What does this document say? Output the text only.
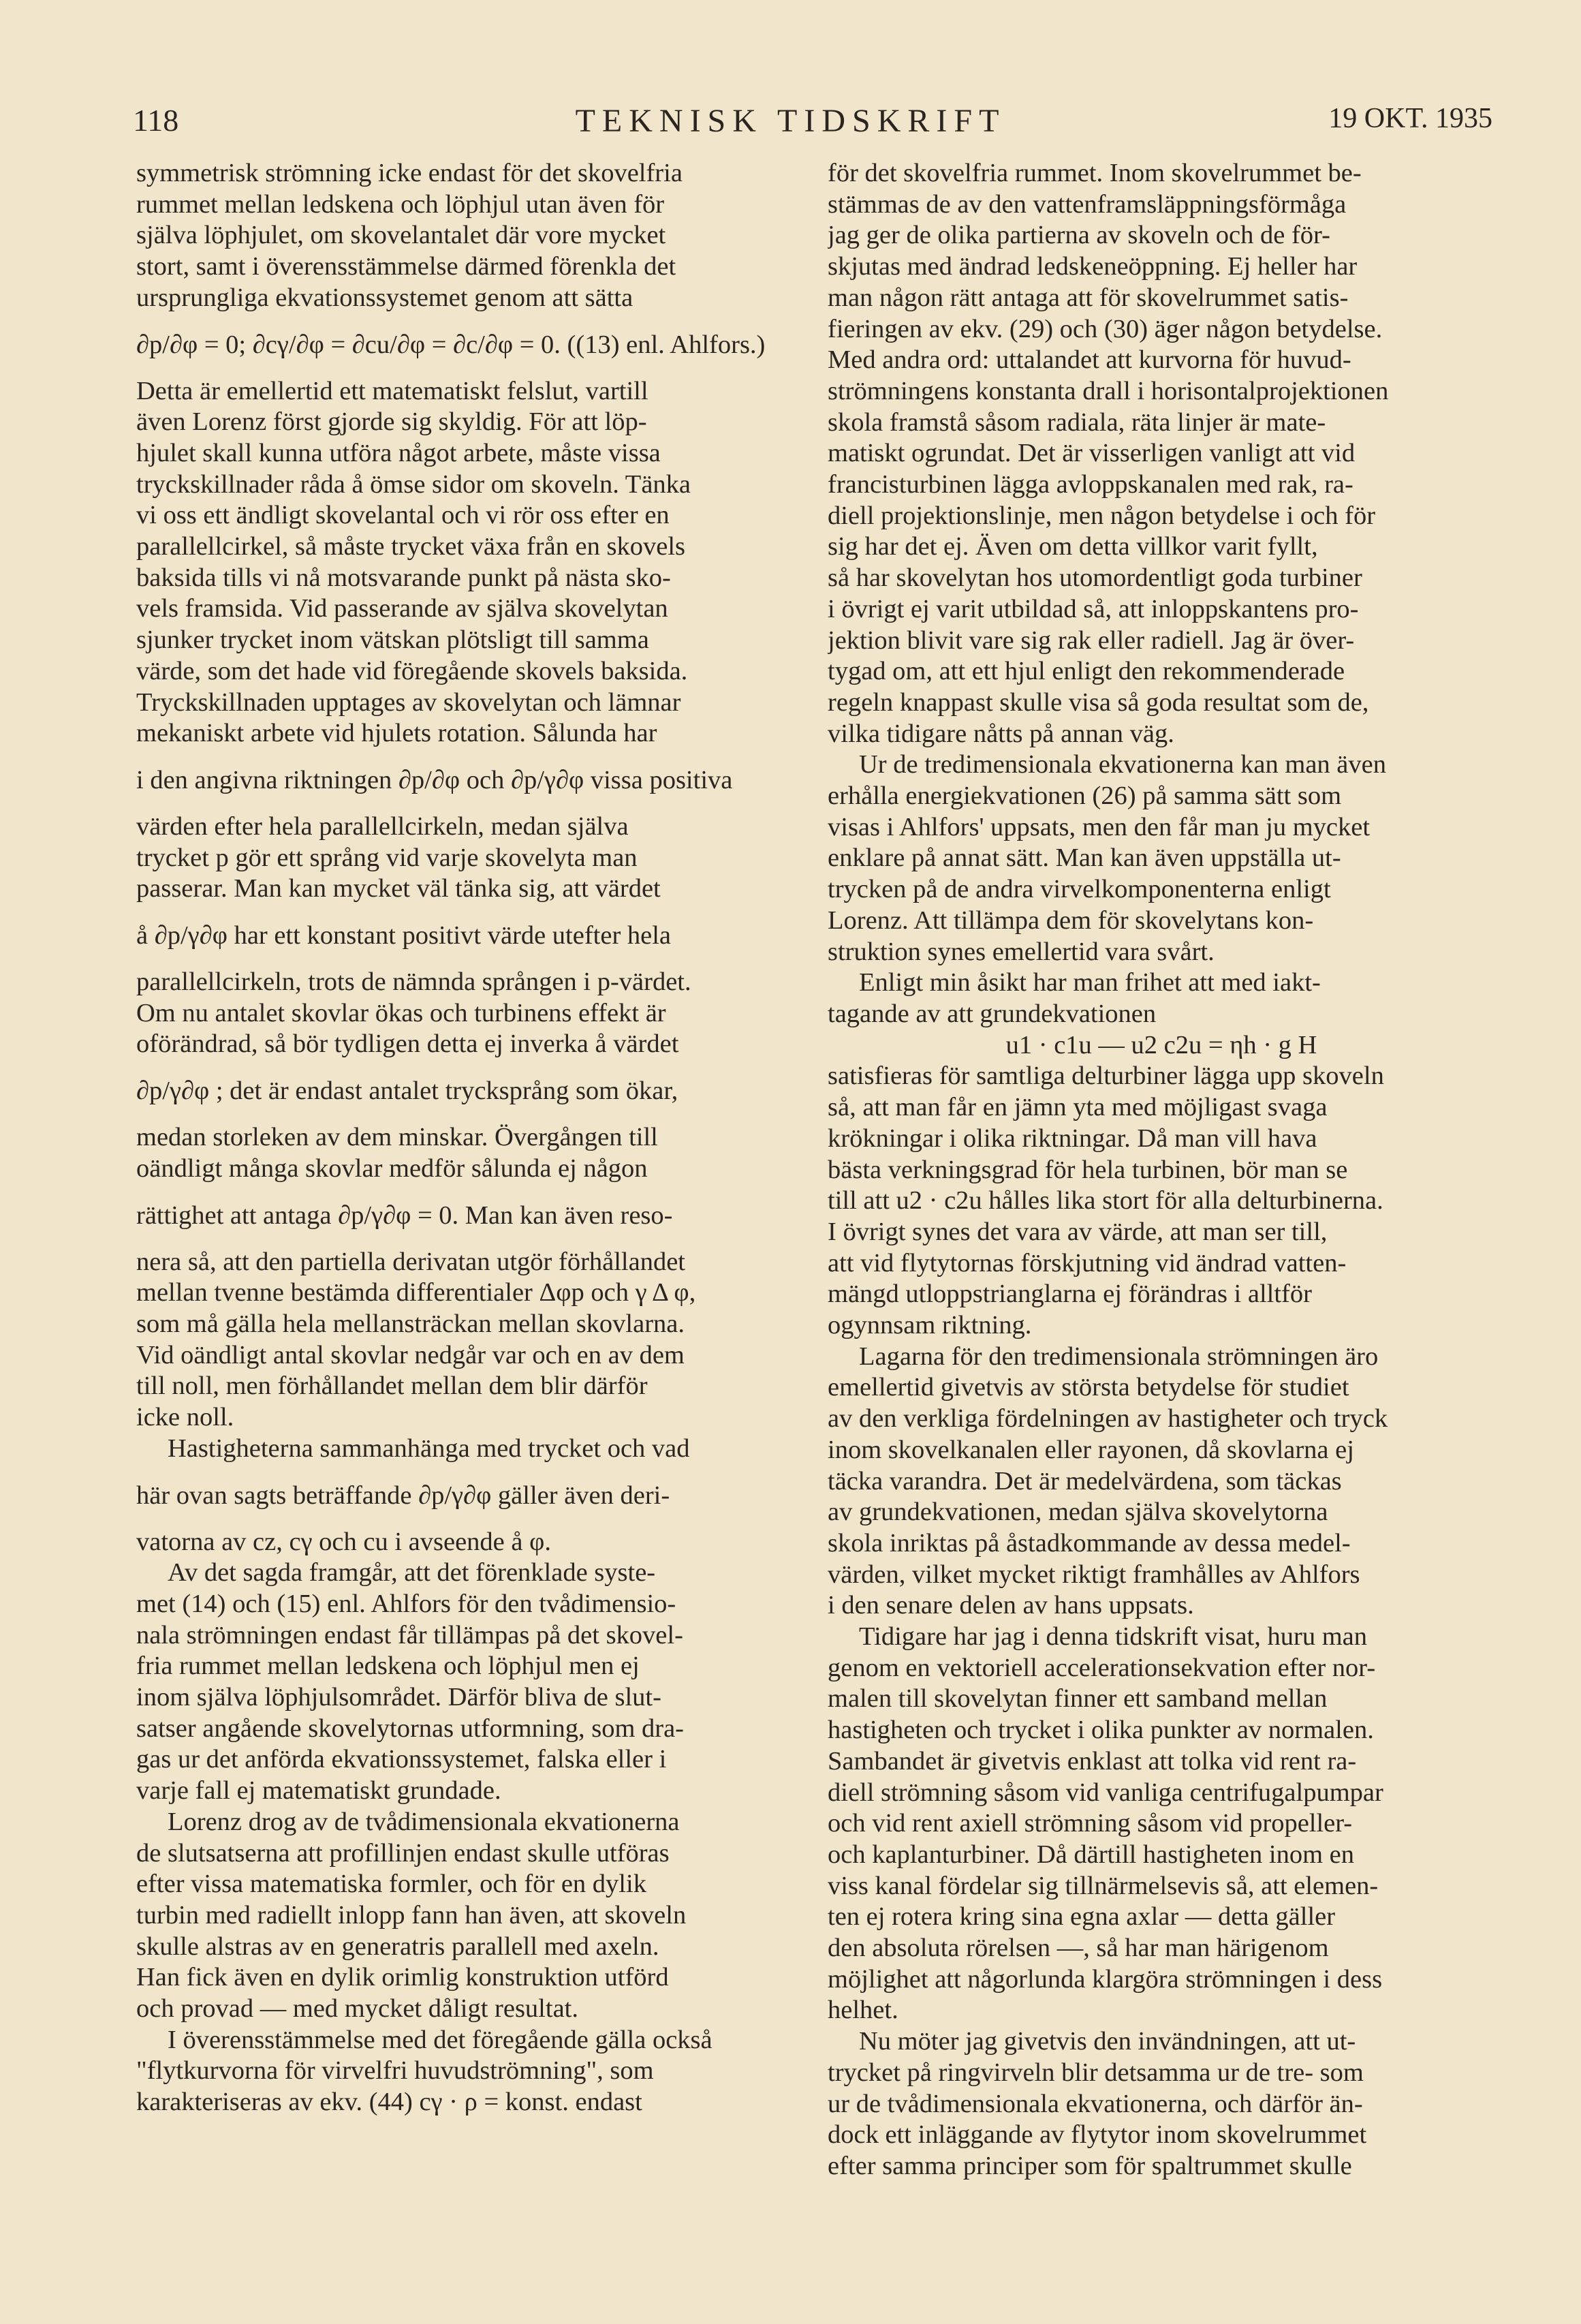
118	TEKNISK TIDSKRIFT	19 OKT. 1935
symmetrisk strömning icke endast för det skovelfria
rummet mellan ledskena och löphjul utan även för
själva löphjulet, om skovelantalet där vore mycket
stort, samt i överensstämmelse därmed förenkla det
ursprungliga ekvationssystemet genom att sätta
∂p/∂φ = 0; ∂cγ/∂φ = ∂cu/∂φ = ∂c/∂φ = 0. ((13) enl. Ahlfors.)
Detta är emellertid ett matematiskt felslut, vartill
även Lorenz först gjorde sig skyldig. För att löp-
hjulet skall kunna utföra något arbete, måste vissa
tryckskillnader råda å ömse sidor om skoveln. Tänka
vi oss ett ändligt skovelantal och vi rör oss efter en
parallellcirkel, så måste trycket växa från en skovels
baksida tills vi nå motsvarande punkt på nästa sko-
vels framsida. Vid passerande av själva skovelytan
sjunker trycket inom vätskan plötsligt till samma
värde, som det hade vid föregående skovels baksida.
Tryckskillnaden upptages av skovelytan och lämnar
mekaniskt arbete vid hjulets rotation. Sålunda har
i den angivna riktningen ∂p/∂φ och ∂p/γ∂φ vissa positiva
värden efter hela parallellcirkeln, medan själva
trycket p gör ett språng vid varje skovelyta man
passerar. Man kan mycket väl tänka sig, att värdet
å ∂p/γ∂φ har ett konstant positivt värde utefter hela
parallellcirkeln, trots de nämnda sprången i p-värdet.
Om nu antalet skovlar ökas och turbinens effekt är
oförändrad, så bör tydligen detta ej inverka å värdet
∂p/γ∂φ ; det är endast antalet trycksprång som ökar,
medan storleken av dem minskar. Övergången till
oändligt många skovlar medför sålunda ej någon
rättighet att antaga ∂p/γ∂φ = 0. Man kan även reso-
nera så, att den partiella derivatan utgör förhållandet
mellan tvenne bestämda differentialer Δφp och γ Δ φ,
som må gälla hela mellansträckan mellan skovlarna.
Vid oändligt antal skovlar nedgår var och en av dem
till noll, men förhållandet mellan dem blir därför
icke noll.
Hastigheterna sammanhänga med trycket och vad
här ovan sagts beträffande ∂p/γ∂φ gäller även deri-
vatorna av cz, cγ och cu i avseende å φ.
Av det sagda framgår, att det förenklade syste-
met (14) och (15) enl. Ahlfors för den tvådimensio-
nala strömningen endast får tillämpas på det skovel-
fria rummet mellan ledskena och löphjul men ej
inom själva löphjulsområdet. Därför bliva de slut-
satser angående skovelytornas utformning, som dra-
gas ur det anförda ekvationssystemet, falska eller i
varje fall ej matematiskt grundade.
Lorenz drog av de tvådimensionala ekvationerna
de slutsatserna att profillinjen endast skulle utföras
efter vissa matematiska formler, och för en dylik
turbin med radiellt inlopp fann han även, att skoveln
skulle alstras av en generatris parallell med axeln.
Han fick även en dylik orimlig konstruktion utförd
och provad — med mycket dåligt resultat.
I överensstämmelse med det föregående gälla också
"flytkurvorna för virvelfri huvudströmning", som
karakteriseras av ekv. (44) cγ · ρ = konst. endast
för det skovelfria rummet. Inom skovelrummet be-
stämmas de av den vattenframsläppningsförmåga
jag ger de olika partierna av skoveln och de för-
skjutas med ändrad ledskeneöppning. Ej heller har
man någon rätt antaga att för skovelrummet satis-
fieringen av ekv. (29) och (30) äger någon betydelse.
Med andra ord: uttalandet att kurvorna för huvud-
strömningens konstanta drall i horisontalprojektionen
skola framstå såsom radiala, räta linjer är mate-
matiskt ogrundat. Det är visserligen vanligt att vid
francisturbinen lägga avloppskanalen med rak, ra-
diell projektionslinje, men någon betydelse i och för
sig har det ej. Även om detta villkor varit fyllt,
så har skovelytan hos utomordentligt goda turbiner
i övrigt ej varit utbildad så, att inloppskantens pro-
jektion blivit vare sig rak eller radiell. Jag är över-
tygad om, att ett hjul enligt den rekommenderade
regeln knappast skulle visa så goda resultat som de,
vilka tidigare nåtts på annan väg.
Ur de tredimensionala ekvationerna kan man även
erhålla energiekvationen (26) på samma sätt som
visas i Ahlfors' uppsats, men den får man ju mycket
enklare på annat sätt. Man kan även uppställa ut-
trycken på de andra virvelkomponenterna enligt
Lorenz. Att tillämpa dem för skovelytans kon-
struktion synes emellertid vara svårt.
Enligt min åsikt har man frihet att med iakt-
tagande av att grundekvationen
u1 · c1u — u2 c2u = ηh · g H
satisfieras för samtliga delturbiner lägga upp skoveln
så, att man får en jämn yta med möjligast svaga
krökningar i olika riktningar. Då man vill hava
bästa verkningsgrad för hela turbinen, bör man se
till att u2 · c2u hålles lika stort för alla delturbinerna.
I övrigt synes det vara av värde, att man ser till,
att vid flytytornas förskjutning vid ändrad vatten-
mängd utloppstrianglarna ej förändras i alltför
ogynnsam riktning.
Lagarna för den tredimensionala strömningen äro
emellertid givetvis av största betydelse för studiet
av den verkliga fördelningen av hastigheter och tryck
inom skovelkanalen eller rayonen, då skovlarna ej
täcka varandra. Det är medelvärdena, som täckas
av grundekvationen, medan själva skovelytorna
skola inriktas på åstadkommande av dessa medel-
värden, vilket mycket riktigt framhålles av Ahlfors
i den senare delen av hans uppsats.
Tidigare har jag i denna tidskrift visat, huru man
genom en vektoriell accelerationsekvation efter nor-
malen till skovelytan finner ett samband mellan
hastigheten och trycket i olika punkter av normalen.
Sambandet är givetvis enklast att tolka vid rent ra-
diell strömning såsom vid vanliga centrifugalpumpar
och vid rent axiell strömning såsom vid propeller-
och kaplanturbiner. Då därtill hastigheten inom en
viss kanal fördelar sig tillnärmelsevis så, att elemen-
ten ej rotera kring sina egna axlar — detta gäller
den absoluta rörelsen —, så har man härigenom
möjlighet att någorlunda klargöra strömningen i dess
helhet.
Nu möter jag givetvis den invändningen, att ut-
trycket på ringvirveln blir detsamma ur de tre- som
ur de tvådimensionala ekvationerna, och därför än-
dock ett inläggande av flytytor inom skovelrummet
efter samma principer som för spaltrummet skulle
